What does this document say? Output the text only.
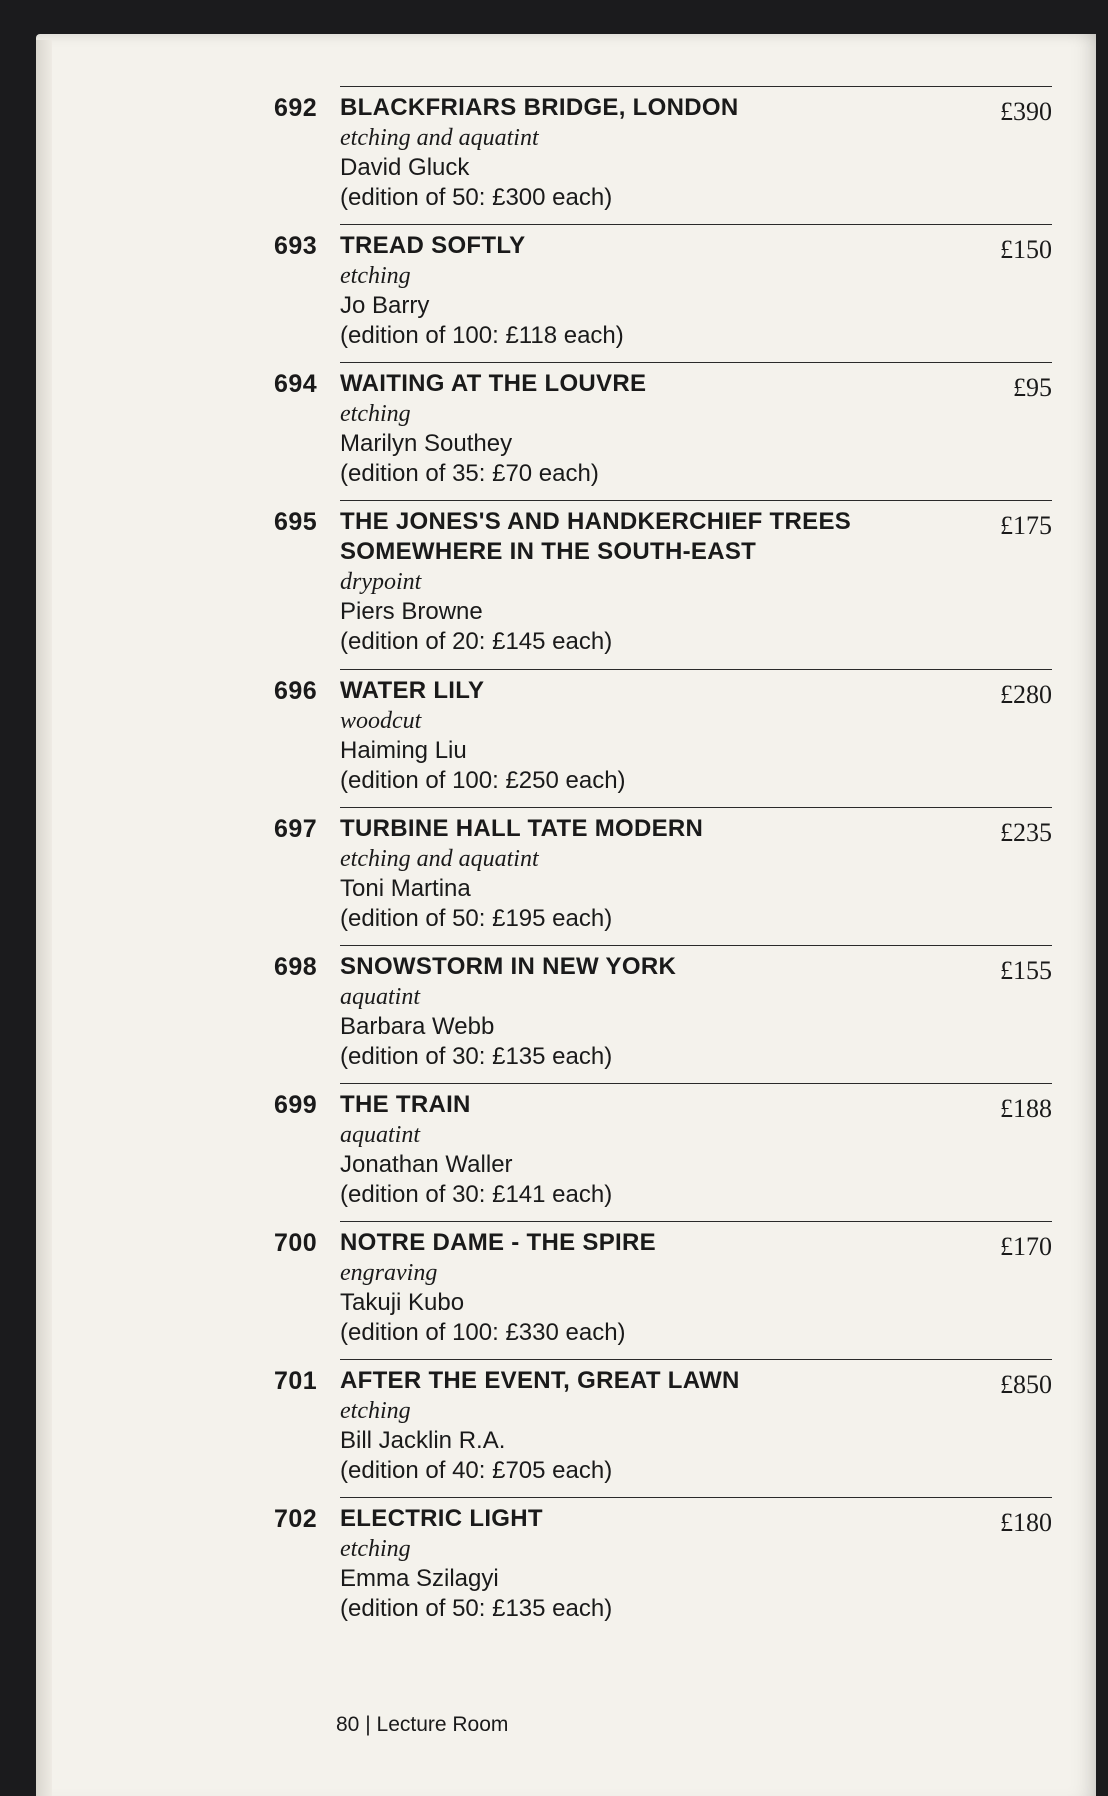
692 BLACKFRIARS BRIDGE, LONDON
etching and aquatint
David Gluck
(edition of 50: £300 each)
£390
693 TREAD SOFTLY
etching
Jo Barry
(edition of 100: £118 each)
£150
694 WAITING AT THE LOUVRE
etching
Marilyn Southey
(edition of 35: £70 each)
£95
695 THE JONES'S AND HANDKERCHIEF TREES SOMEWHERE IN THE SOUTH-EAST
drypoint
Piers Browne
(edition of 20: £145 each)
£175
696 WATER LILY
woodcut
Haiming Liu
(edition of 100: £250 each)
£280
697 TURBINE HALL TATE MODERN
etching and aquatint
Toni Martina
(edition of 50: £195 each)
£235
698 SNOWSTORM IN NEW YORK
aquatint
Barbara Webb
(edition of 30: £135 each)
£155
699 THE TRAIN
aquatint
Jonathan Waller
(edition of 30: £141 each)
£188
700 NOTRE DAME - THE SPIRE
engraving
Takuji Kubo
(edition of 100: £330 each)
£170
701 AFTER THE EVENT, GREAT LAWN
etching
Bill Jacklin R.A.
(edition of 40: £705 each)
£850
702 ELECTRIC LIGHT
etching
Emma Szilagyi
(edition of 50: £135 each)
£180
80 | Lecture Room
